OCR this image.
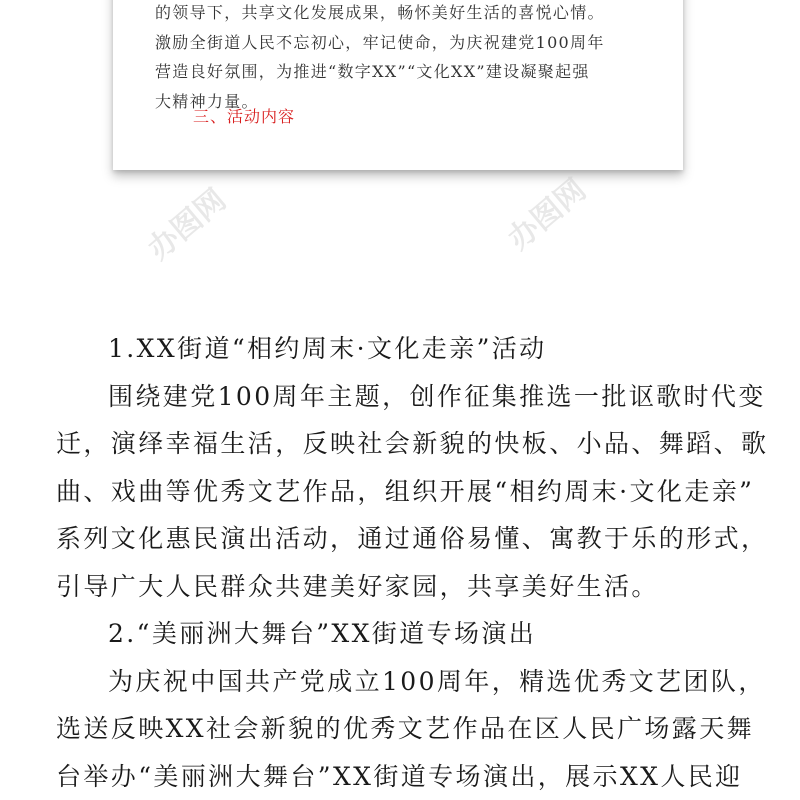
的领导下，共享文化发展成果，畅怀美好生活的喜悦心情。
激励全街道人民不忘初心，牢记使命，为庆祝建党100周年
营造良好氛围，为推进“数字XX”“文化XX”建设凝聚起强
大精神力量。
三、活动内容
办图网	办图网
1.XX街道“相约周末·文化走亲”活动
围绕建党100周年主题，创作征集推选一批讴歌时代变
迁，演绎幸福生活，反映社会新貌的快板、小品、舞蹈、歌
曲、戏曲等优秀文艺作品，组织开展“相约周末·文化走亲”
系列文化惠民演出活动，通过通俗易懂、寓教于乐的形式，
引导广大人民群众共建美好家园，共享美好生活。
2.“美丽洲大舞台”XX街道专场演出
为庆祝中国共产党成立100周年，精选优秀文艺团队，
选送反映XX社会新貌的优秀文艺作品在区人民广场露天舞
台举办“美丽洲大舞台”XX街道专场演出，展示XX人民迎
